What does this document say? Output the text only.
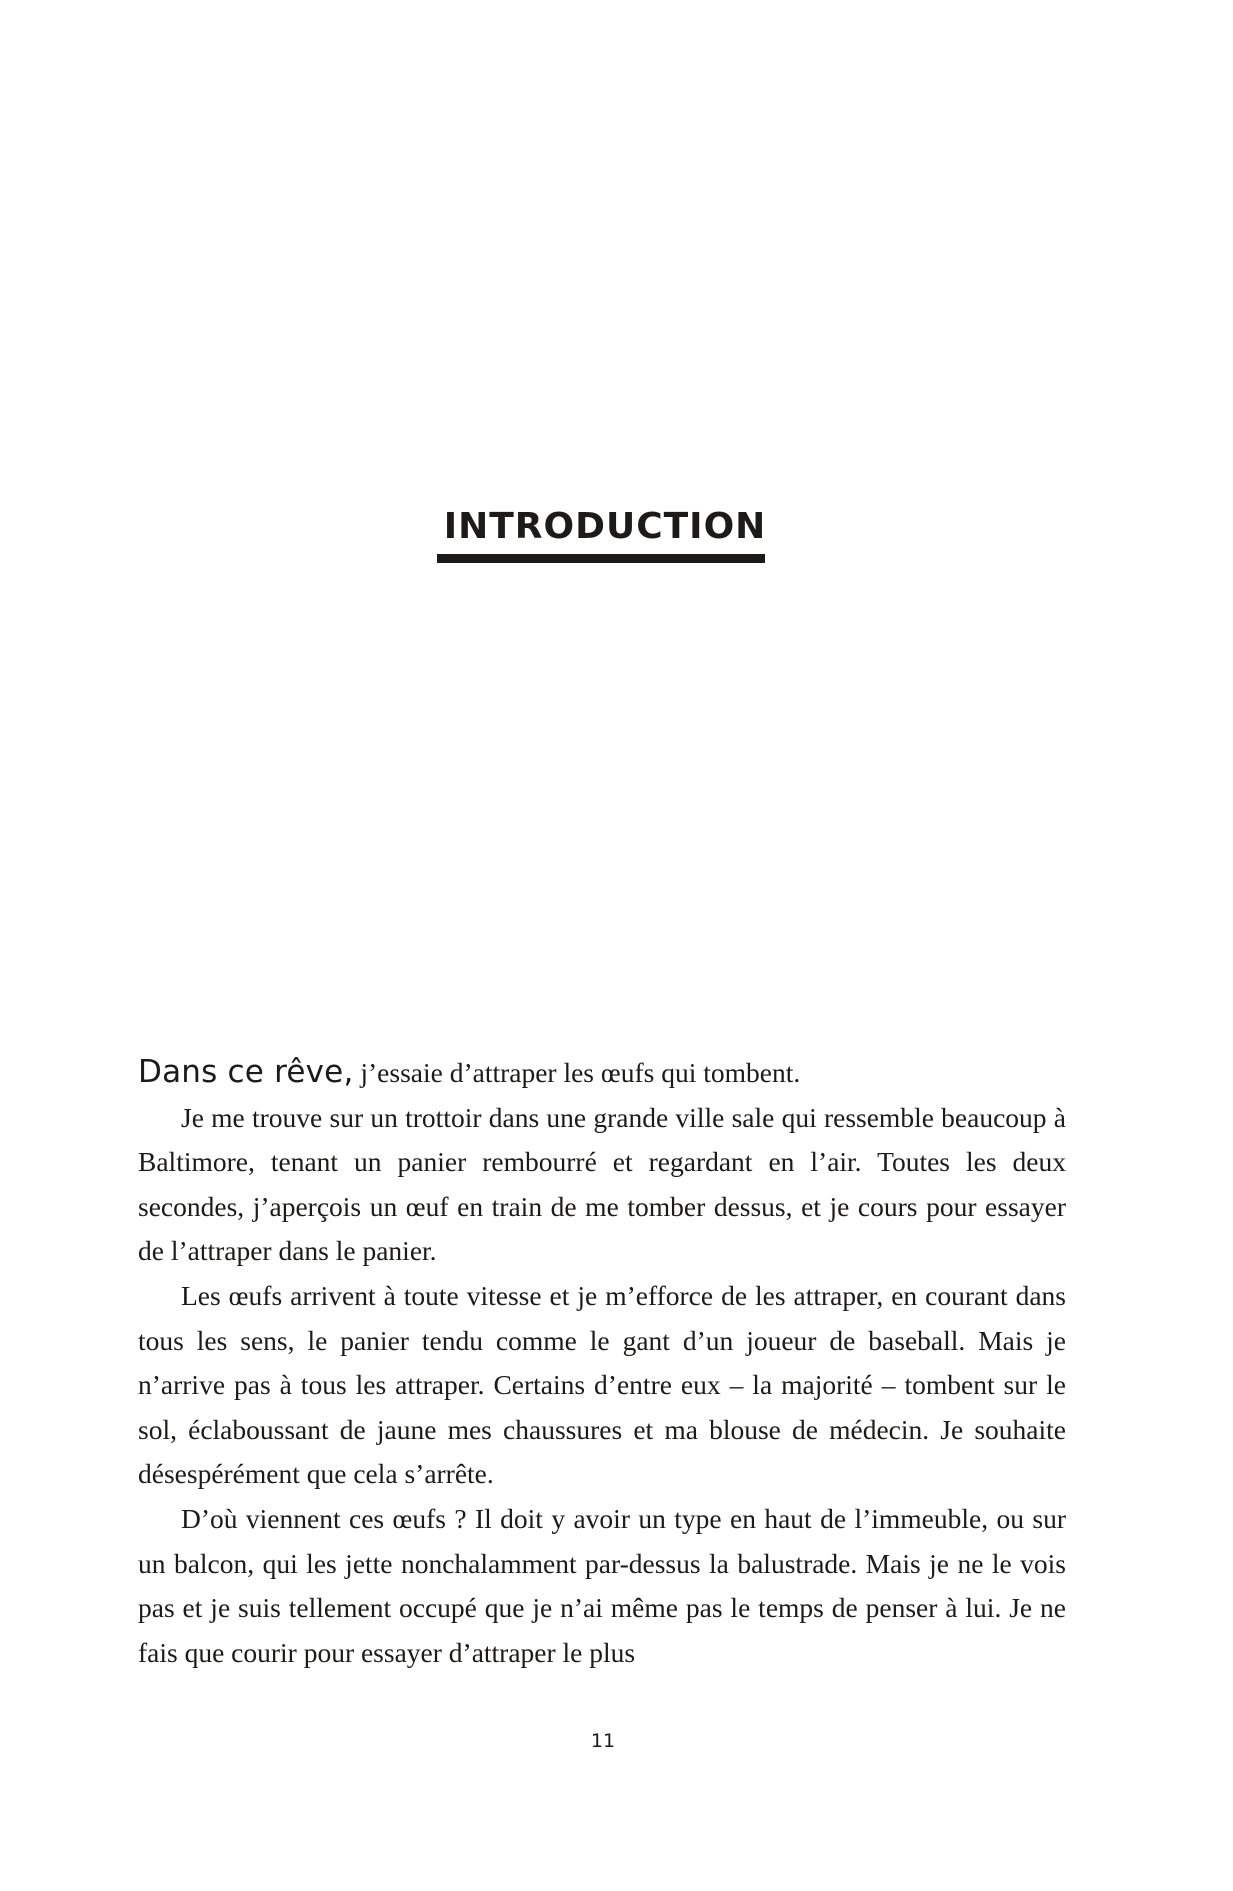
INTRODUCTION

Dans ce rêve, j’essaie d’attraper les œufs qui tombent.

Je me trouve sur un trottoir dans une grande ville sale qui ressemble beaucoup à Baltimore, tenant un panier rembourré et regardant en l’air. Toutes les deux secondes, j’aperçois un œuf en train de me tomber dessus, et je cours pour essayer de l’attraper dans le panier.

Les œufs arrivent à toute vitesse et je m’efforce de les attraper, en courant dans tous les sens, le panier tendu comme le gant d’un joueur de baseball. Mais je n’arrive pas à tous les attraper. Certains d’entre eux – la majorité – tombent sur le sol, éclaboussant de jaune mes chaussures et ma blouse de médecin. Je souhaite désespérément que cela s’arrête.

D’où viennent ces œufs ? Il doit y avoir un type en haut de l’immeuble, ou sur un balcon, qui les jette nonchalamment par-dessus la balustrade. Mais je ne le vois pas et je suis tellement occupé que je n’ai même pas le temps de penser à lui. Je ne fais que courir pour essayer d’attraper le plus

11
